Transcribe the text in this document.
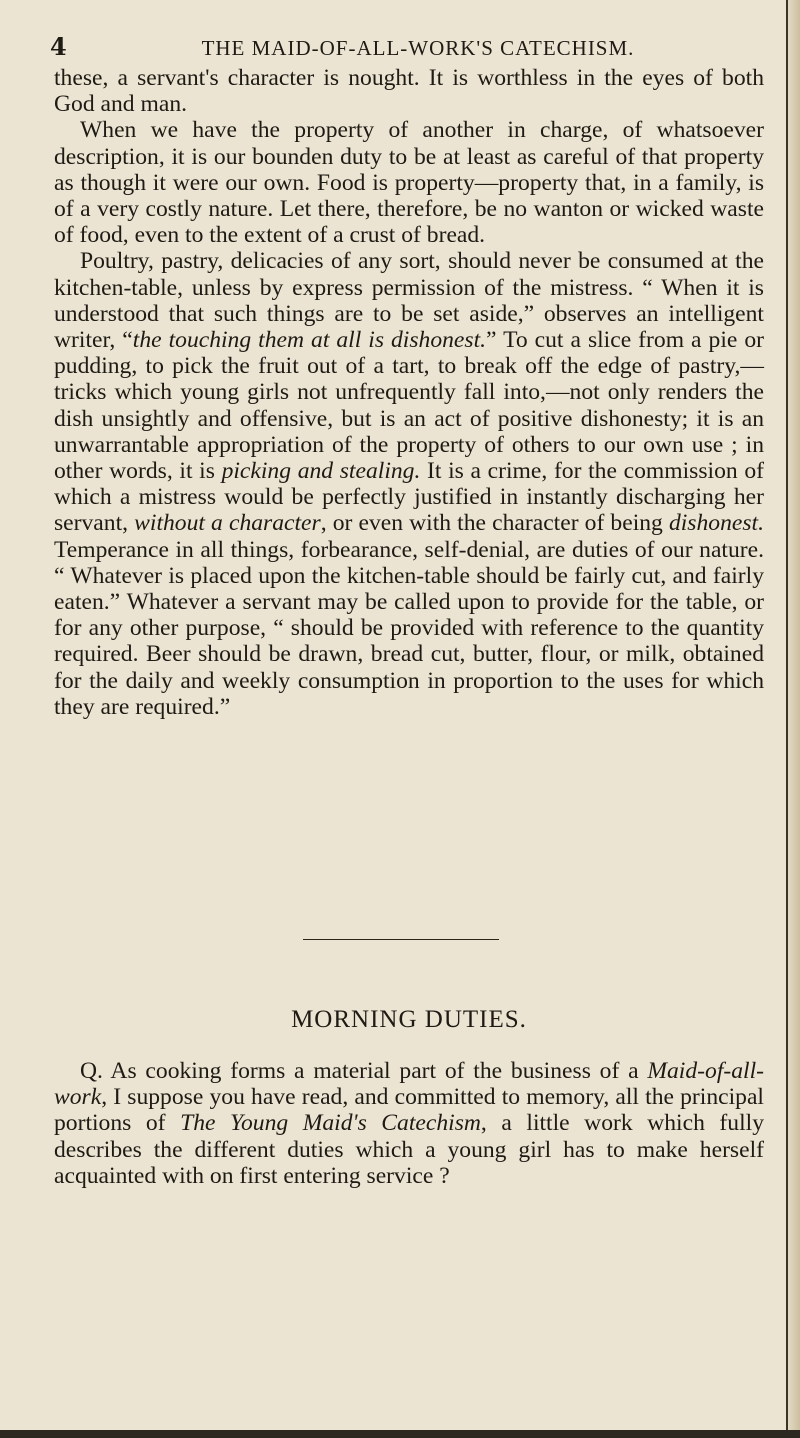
4	THE MAID-OF-ALL-WORK'S CATECHISM.

these, a servant's character is nought. It is worthless in the eyes of both God and man.

When we have the property of another in charge, of whatsoever description, it is our bounden duty to be at least as careful of that property as though it were our own. Food is property—property that, in a family, is of a very costly nature. Let there, therefore, be no wanton or wicked waste of food, even to the extent of a crust of bread.

Poultry, pastry, delicacies of any sort, should never be consumed at the kitchen-table, unless by express permission of the mistress. “ When it is understood that such things are to be set aside,” observes an intelligent writer, “the touching them at all is dishonest.” To cut a slice from a pie or pudding, to pick the fruit out of a tart, to break off the edge of pastry,—tricks which young girls not unfrequently fall into,—not only renders the dish unsightly and offensive, but is an act of positive dishonesty; it is an unwarrantable appropriation of the property of others to our own use ; in other words, it is picking and stealing. It is a crime, for the commission of which a mistress would be perfectly justified in instantly discharging her servant, without a character, or even with the character of being dishonest. Temperance in all things, forbearance, self-denial, are duties of our nature. “ Whatever is placed upon the kitchen-table should be fairly cut, and fairly eaten.” Whatever a servant may be called upon to provide for the table, or for any other purpose, “ should be provided with reference to the quantity required. Beer should be drawn, bread cut, butter, flour, or milk, obtained for the daily and weekly consumption in proportion to the uses for which they are required.”

MORNING DUTIES.

Q. As cooking forms a material part of the business of a Maid-of-all-work, I suppose you have read, and committed to memory, all the principal portions of The Young Maid's Catechism, a little work which fully describes the different duties which a young girl has to make herself acquainted with on first entering service ?
